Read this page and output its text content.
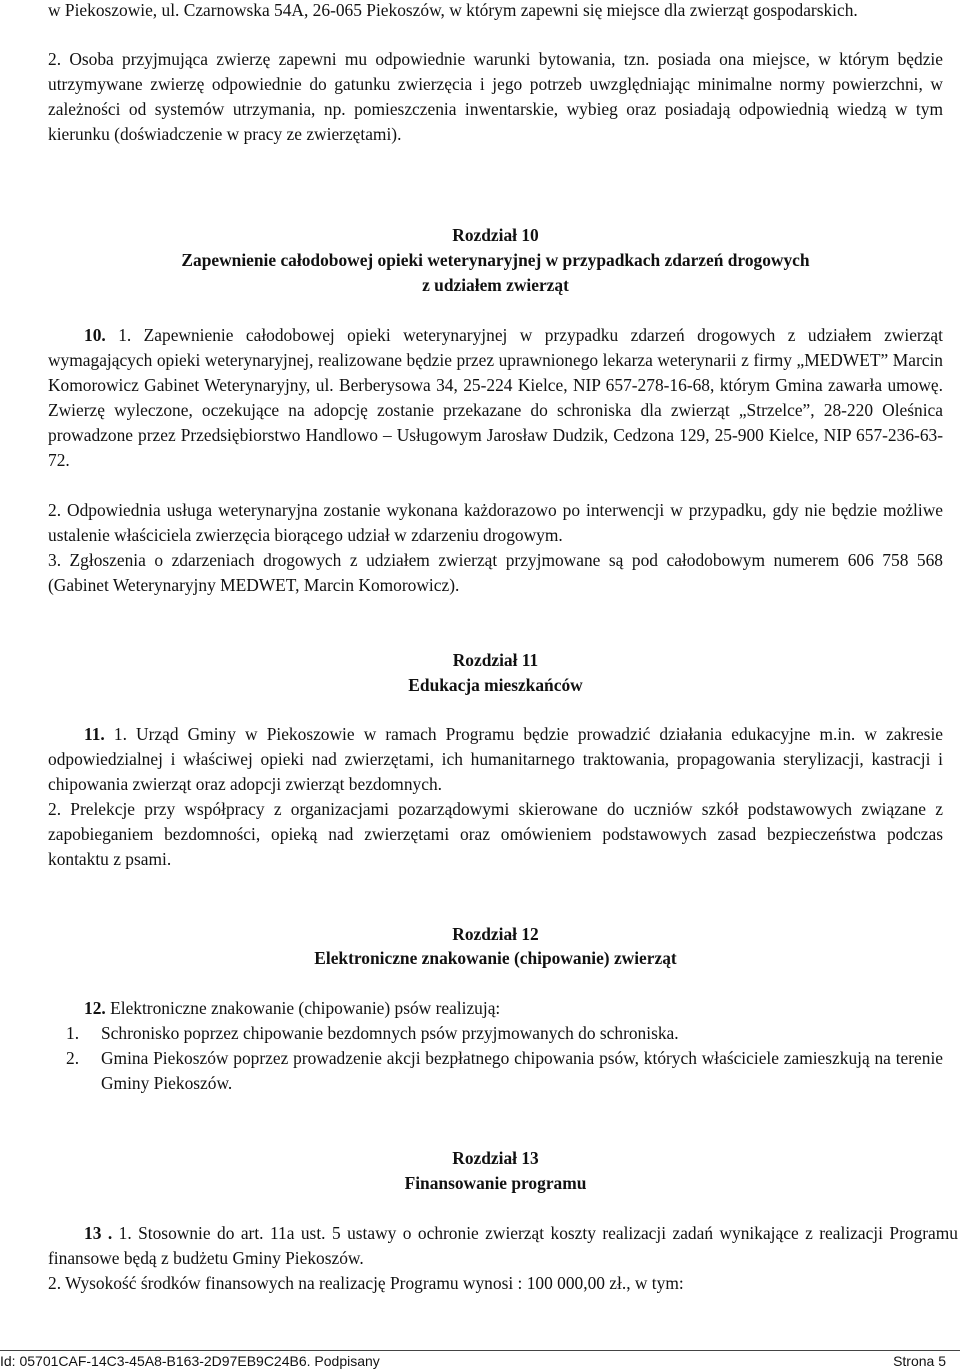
w Piekoszowie, ul. Czarnowska 54A, 26-065 Piekoszów, w którym zapewni się miejsce dla zwierząt gospodarskich.

2. Osoba przyjmująca zwierzę zapewni mu odpowiednie warunki bytowania, tzn. posiada ona miejsce, w którym będzie utrzymywane zwierzę odpowiednie do gatunku zwierzęcia i jego potrzeb uwzględniając minimalne normy powierzchni, w zależności od systemów utrzymania, np. pomieszczenia inwentarskie, wybieg oraz posiadają odpowiednią wiedzą w tym kierunku (doświadczenie w pracy ze zwierzętami).

Rozdział 10

Zapewnienie całodobowej opieki weterynaryjnej w przypadkach zdarzeń drogowych

z udziałem zwierząt

10. 1. Zapewnienie całodobowej opieki weterynaryjnej w przypadku zdarzeń drogowych z udziałem zwierząt wymagających opieki weterynaryjnej, realizowane będzie przez uprawnionego lekarza weterynarii z firmy „MEDWET” Marcin Komorowicz Gabinet Weterynaryjny, ul. Berberysowa 34, 25-224 Kielce, NIP 657-278-16-68, którym Gmina zawarła umowę. Zwierzę wyleczone, oczekujące na adopcję zostanie przekazane do schroniska dla zwierząt „Strzelce”, 28-220 Oleśnica prowadzone przez Przedsiębiorstwo Handlowo – Usługowym Jarosław Dudzik, Cedzona 129, 25-900 Kielce, NIP 657-236-63-72.

2. Odpowiednia usługa weterynaryjna zostanie wykonana każdorazowo po interwencji w przypadku, gdy nie będzie możliwe ustalenie właściciela zwierzęcia biorącego udział w zdarzeniu drogowym.

3. Zgłoszenia o zdarzeniach drogowych z udziałem zwierząt przyjmowane są pod całodobowym numerem 606 758 568 (Gabinet Weterynaryjny MEDWET, Marcin Komorowicz).

Rozdział 11

Edukacja mieszkańców

11. 1. Urząd Gminy w Piekoszowie w ramach Programu będzie prowadzić działania edukacyjne m.in. w zakresie odpowiedzialnej i właściwej opieki nad zwierzętami, ich humanitarnego traktowania, propagowania sterylizacji, kastracji i chipowania zwierząt oraz adopcji zwierząt bezdomnych.

2. Prelekcje przy współpracy z organizacjami pozarządowymi skierowane do uczniów szkół podstawowych związane z zapobieganiem bezdomności, opieką nad zwierzętami oraz omówieniem podstawowych zasad bezpieczeństwa podczas kontaktu z psami.

Rozdział 12

Elektroniczne znakowanie (chipowanie) zwierząt

12. Elektroniczne znakowanie (chipowanie) psów realizują:

1.	Schronisko poprzez chipowanie bezdomnych psów przyjmowanych do schroniska.
2.	Gmina Piekoszów poprzez prowadzenie akcji bezpłatnego chipowania psów, których właściciele zamieszkują na terenie Gminy Piekoszów.

Rozdział 13

Finansowanie programu

13 . 1. Stosownie do art. 11a ust. 5 ustawy o ochronie zwierząt koszty realizacji zadań wynikające z realizacji Programu finansowe będą z budżetu Gminy Piekoszów.

2. Wysokość środków finansowych na realizację Programu wynosi : 100 000,00 zł., w tym:

Id: 05701CAF-14C3-45A8-B163-2D97EB9C24B6. Podpisany	Strona 5
